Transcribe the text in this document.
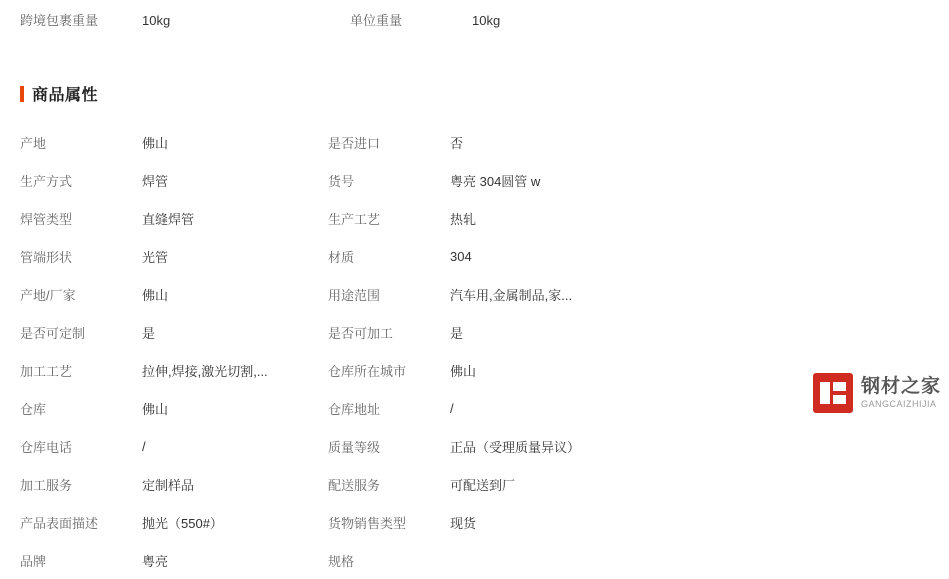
跨境包裹重量	10kg	单位重量	10kg
商品属性
产地	佛山	是否进口	否
生产方式	焊管	货号	粤亮 304圆管 w
焊管类型	直缝焊管	生产工艺	热轧
管端形状	光管	材质	304
产地/厂家	佛山	用途范围	汽车用,金属制品,家...
是否可定制	是	是否可加工	是
加工工艺	拉伸,焊接,激光切割,...	仓库所在城市	佛山
仓库	佛山	仓库地址	/
仓库电话	/	质量等级	正品（受理质量异议）
加工服务	定制样品	配送服务	可配送到厂
产品表面描述	抛光（550#）	货物销售类型	现货
品牌	粤亮	规格
钢材之家
GANGCAIZHIJIA
